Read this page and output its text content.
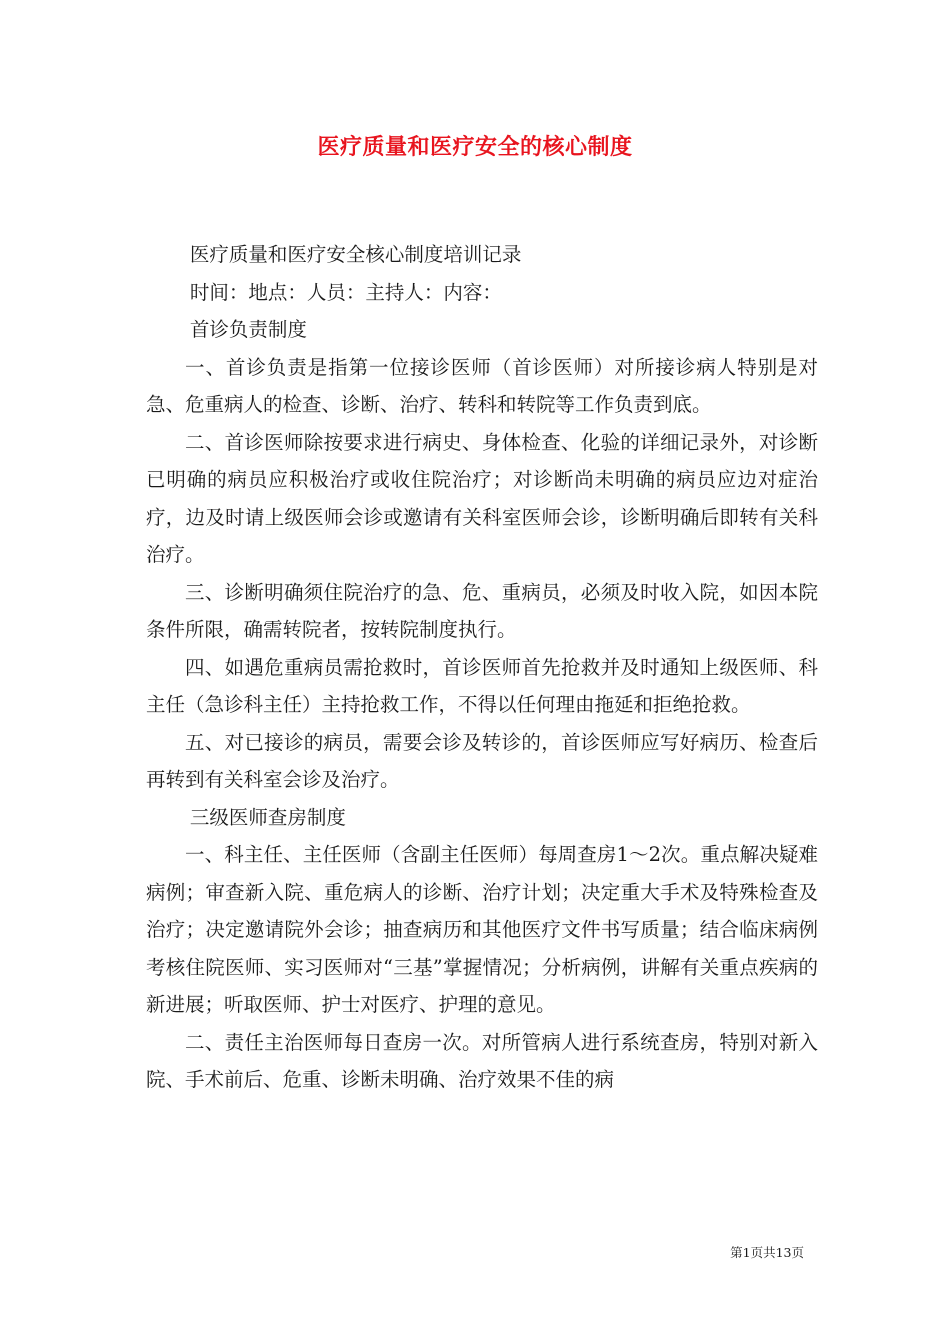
医疗质量和医疗安全的核心制度

医疗质量和医疗安全核心制度培训记录

时间：地点：人员：主持人：内容：

首诊负责制度

一、首诊负责是指第一位接诊医师（首诊医师）对所接诊病人特别是对急、危重病人的检查、诊断、治疗、转科和转院等工作负责到底。

二、首诊医师除按要求进行病史、身体检查、化验的详细记录外，对诊断已明确的病员应积极治疗或收住院治疗；对诊断尚未明确的病员应边对症治疗，边及时请上级医师会诊或邀请有关科室医师会诊，诊断明确后即转有关科治疗。

三、诊断明确须住院治疗的急、危、重病员，必须及时收入院，如因本院条件所限，确需转院者，按转院制度执行。

四、如遇危重病员需抢救时，首诊医师首先抢救并及时通知上级医师、科主任（急诊科主任）主持抢救工作，不得以任何理由拖延和拒绝抢救。

五、对已接诊的病员，需要会诊及转诊的，首诊医师应写好病历、检查后再转到有关科室会诊及治疗。

三级医师查房制度

一、科主任、主任医师（含副主任医师）每周查房1～2次。重点解决疑难病例；审查新入院、重危病人的诊断、治疗计划；决定重大手术及特殊检查及治疗；决定邀请院外会诊；抽查病历和其他医疗文件书写质量；结合临床病例考核住院医师、实习医师对“三基”掌握情况；分析病例，讲解有关重点疾病的新进展；听取医师、护士对医疗、护理的意见。

二、责任主治医师每日查房一次。对所管病人进行系统查房，特别对新入院、手术前后、危重、诊断未明确、治疗效果不佳的病

第1页共13页
